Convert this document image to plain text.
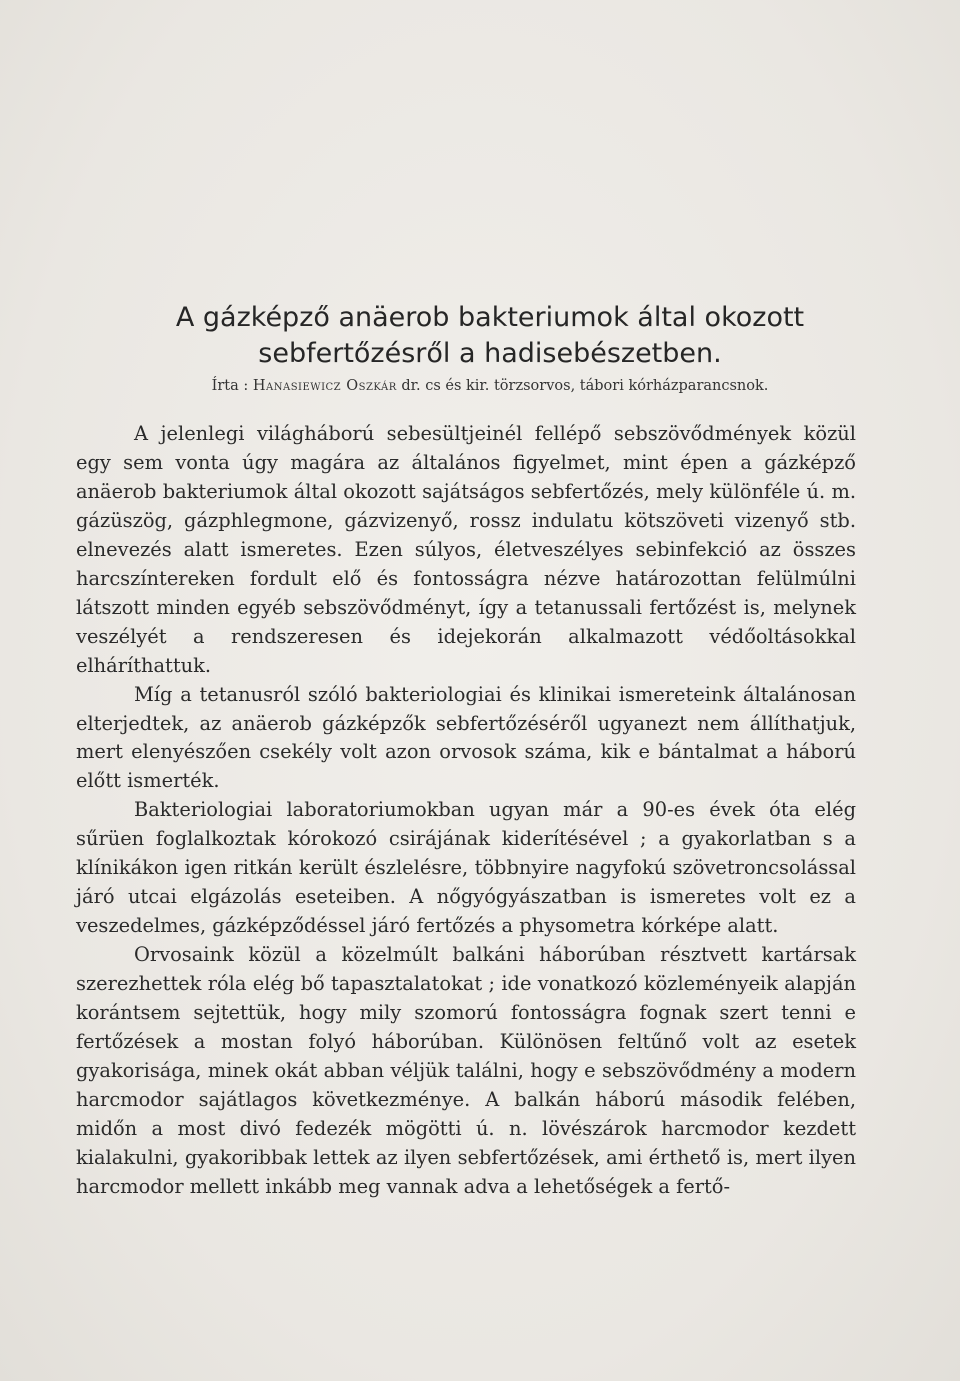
A gázképző anäerob bakteriumok által okozott
sebfertőzésről a hadisebészetben.

Írta : Hanasiewicz Oszkár dr. cs és kir. törzsorvos, tábori kórházparancsnok.

A jelenlegi világháború sebesültjeinél fellépő sebszövődmények közül egy sem vonta úgy magára az általános figyelmet, mint épen a gázképző anäerob bakteriumok által okozott sajátságos sebfertőzés, mely különféle ú. m. gázüszög, gázphlegmone, gázvizenyő, rossz indulatu kötszöveti vizenyő stb. elnevezés alatt ismeretes. Ezen súlyos, életveszélyes sebinfekció az összes harcszíntereken fordult elő és fontosságra nézve határozottan felülmúlni látszott minden egyéb sebszövődményt, így a tetanussali fertőzést is, melynek veszélyét a rendszeresen és idejekorán alkalmazott védőoltásokkal elháríthattuk.

Míg a tetanusról szóló bakteriologiai és klinikai ismereteink általánosan elterjedtek, az anäerob gázképzők sebfertőzéséről ugyanezt nem állíthatjuk, mert elenyészően csekély volt azon orvosok száma, kik e bántalmat a háború előtt ismerték.

Bakteriologiai laboratoriumokban ugyan már a 90-es évek óta elég sűrüen foglalkoztak kórokozó csirájának kiderítésével ; a gyakorlatban s a klínikákon igen ritkán került észlelésre, többnyire nagyfokú szövetroncsolással járó utcai elgázolás eseteiben. A nőgyógyászatban is ismeretes volt ez a veszedelmes, gázképződéssel járó fertőzés a physometra kórképe alatt.

Orvosaink közül a közelmúlt balkáni háborúban résztvett kartársak szerezhettek róla elég bő tapasztalatokat ; ide vonatkozó közleményeik alapján korántsem sejtettük, hogy mily szomorú fontosságra fognak szert tenni e fertőzések a mostan folyó háborúban. Különösen feltűnő volt az esetek gyakorisága, minek okát abban véljük találni, hogy e sebszövődmény a modern harcmodor sajátlagos következménye. A balkán háború második felében, midőn a most divó fedezék mögötti ú. n. lövészárok harcmodor kezdett kialakulni, gyakoribbak lettek az ilyen sebfertőzések, ami érthető is, mert ilyen harcmodor mellett inkább meg vannak adva a lehetőségek a fertő-
